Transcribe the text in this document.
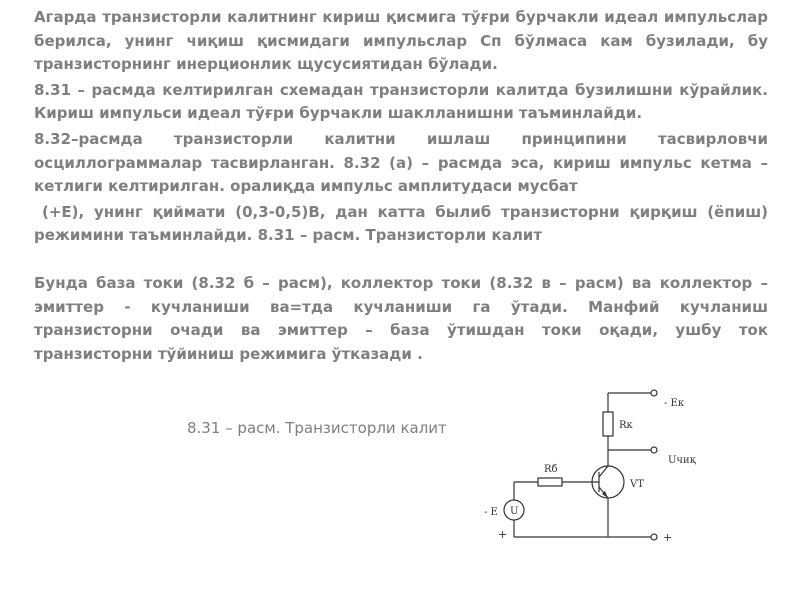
Агарда транзисторли калитнинг кириш қисмига тўғри бурчакли идеал импульслар берилса, унинг чиқиш қисмидаги импульслар Сп бўлмаса кам бузилади, бу транзисторнинг инерционлик щусусиятидан бўлади.

8.31 – расмда келтирилган схемадан транзисторли калитда бузилишни кўрайлик. Кириш импульси идеал тўғри бурчакли шаклланишни таъминлайди.

8.32–расмда транзисторли калитни ишлаш принципини тасвирловчи осциллограммалар тасвирланган. 8.32 (а) – расмда эса, кириш импульс кетма – кетлиги келтирилган. оралиқда импульс амплитудаси мусбат

(+Е), унинг қиймати (0,3-0,5)В, дан катта былиб транзисторни қирқиш (ёпиш) режимини таъминлайди. 8.31 – расм. Транзисторли калит

Бунда база токи (8.32 б – расм), коллектор токи (8.32 в – расм) ва коллектор – эмиттер - кучланиши ва=тда кучланиши га ўтади. Манфий кучланиш транзисторни очади ва эмиттер – база ўтишдан токи оқади, ушбу ток транзисторни тўйиниш режимига ўтказади .

8.31 – расм. Транзисторли калит
- Eк
Rк
Rб
Uчиқ
VT
U
- E
+	+
